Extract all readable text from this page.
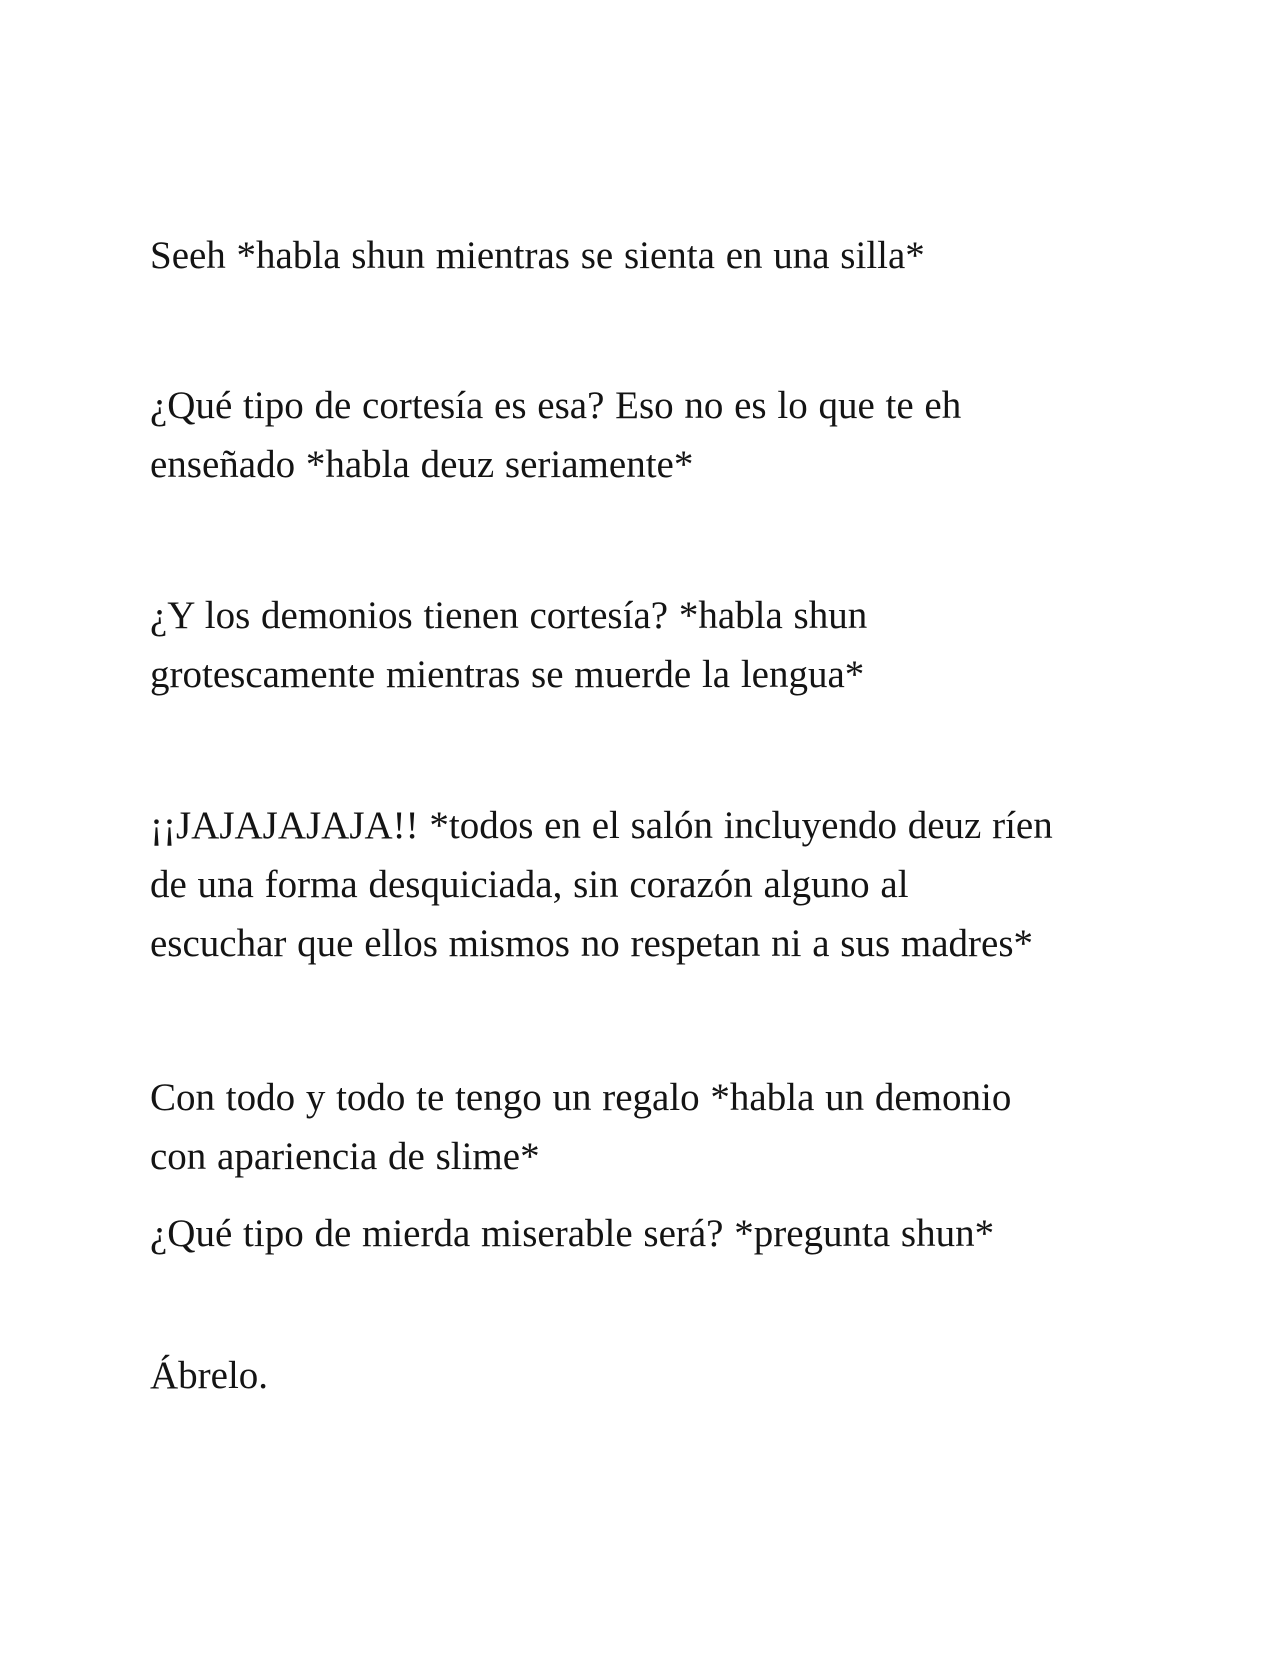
Seeh *habla shun mientras se sienta en una silla*

¿Qué tipo de cortesía es esa? Eso no es lo que te eh
enseñado *habla deuz seriamente*

¿Y los demonios tienen cortesía? *habla shun
grotescamente mientras se muerde la lengua*

¡¡JAJAJAJAJA!! *todos en el salón incluyendo deuz ríen
de una forma desquiciada, sin corazón alguno al
escuchar que ellos mismos no respetan ni a sus madres*

Con todo y todo te tengo un regalo *habla un demonio
con apariencia de slime*

¿Qué tipo de mierda miserable será? *pregunta shun*

Ábrelo.
